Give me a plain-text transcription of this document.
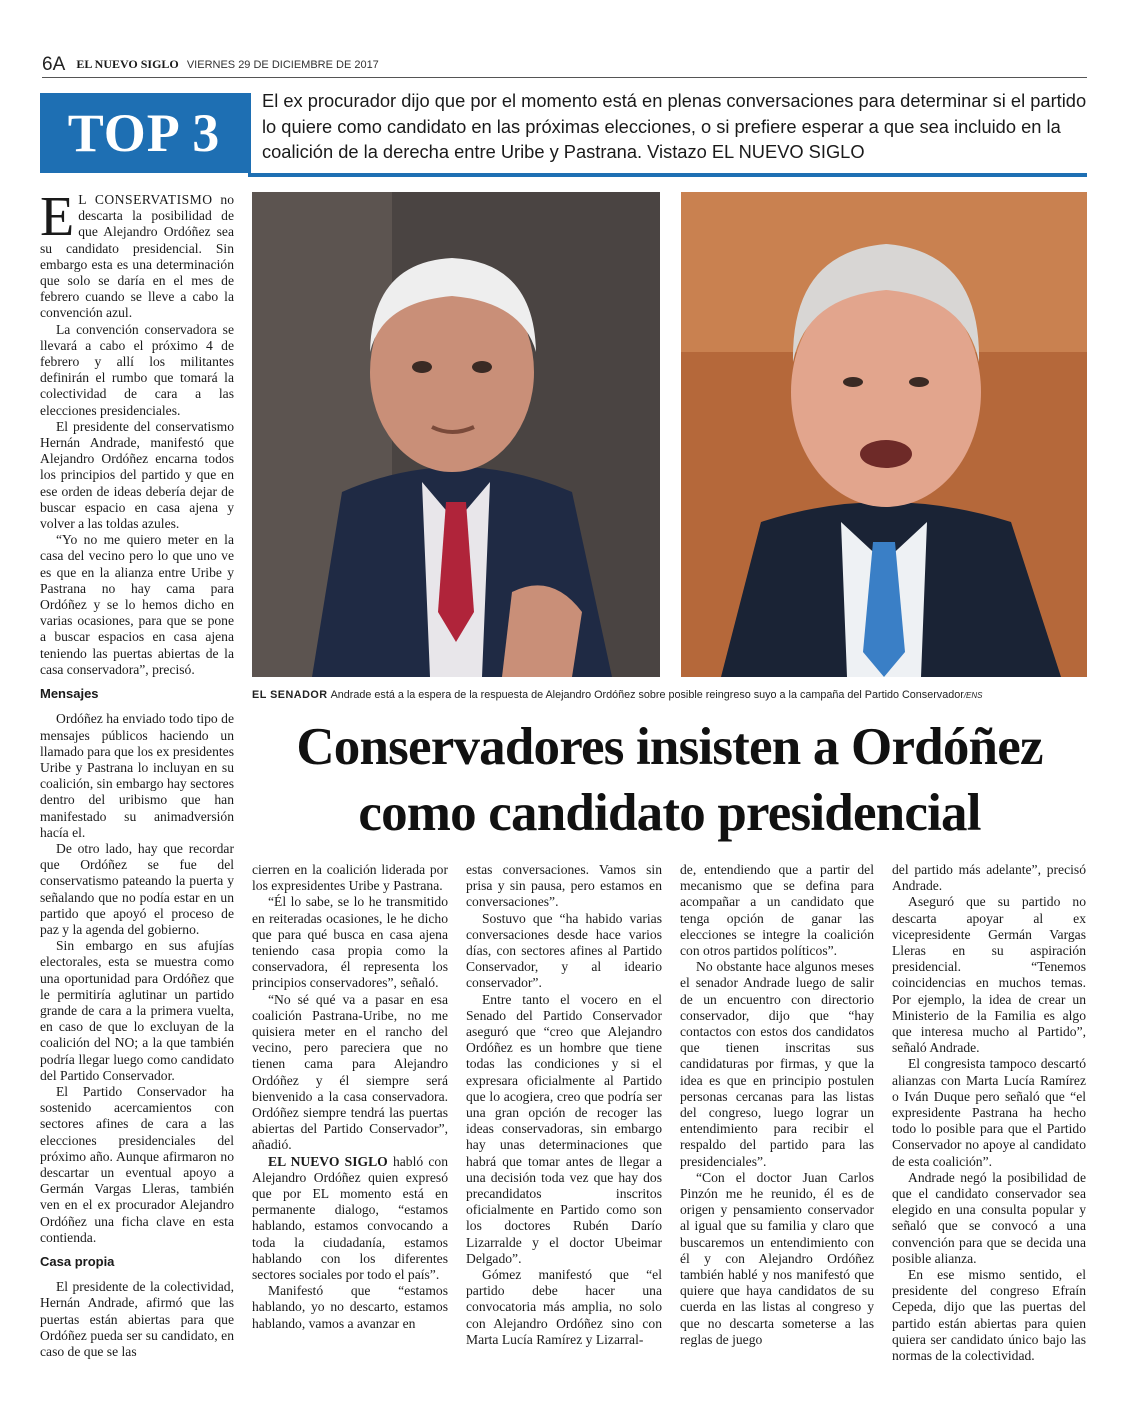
6A EL NUEVO SIGLO VIERNES 29 DE DICIEMBRE DE 2017
TOP 3
El ex procurador dijo que por el momento está en plenas conversaciones para determinar si el partido lo quiere como candidato en las próximas elecciones, o si prefiere esperar a que sea incluido en la coalición de la derecha entre Uribe y Pastrana. Vistazo EL NUEVO SIGLO

E L CONSERVATISMO no descarta la posibilidad de que Alejandro Ordóñez sea su candidato presidencial. Sin embargo esta es una determinación que solo se daría en el mes de febrero cuando se lleve a cabo la convención azul.

La convención conservadora se llevará a cabo el próximo 4 de febrero y allí los militantes definirán el rumbo que tomará la colectividad de cara a las elecciones presidenciales.

El presidente del conservatismo Hernán Andrade, manifestó que Alejandro Ordóñez encarna todos los principios del partido y que en ese orden de ideas debería dejar de buscar espacio en casa ajena y volver a las toldas azules.

“Yo no me quiero meter en la casa del vecino pero lo que uno ve es que en la alianza entre Uribe y Pastrana no hay cama para Ordóñez y se lo hemos dicho en varias ocasiones, para que se pone a buscar espacios en casa ajena teniendo las puertas abiertas de la casa conservadora”, precisó.

Mensajes

Ordóñez ha enviado todo tipo de mensajes públicos haciendo un llamado para que los ex presidentes Uribe y Pastrana lo incluyan en su coalición, sin embargo hay sectores dentro del uribismo que han manifestado su animadversión hacía el.

De otro lado, hay que recordar que Ordóñez se fue del conservatismo pateando la puerta y señalando que no podía estar en un partido que apoyó el proceso de paz y la agenda del gobierno.

Sin embargo en sus afujías electorales, esta se muestra como una oportunidad para Ordóñez que le permitiría aglutinar un partido grande de cara a la primera vuelta, en caso de que lo excluyan de la coalición del NO; a la que también podría llegar luego como candidato del Partido Conservador.

El Partido Conservador ha sostenido acercamientos con sectores afines de cara a las elecciones presidenciales del próximo año. Aunque afirmaron no descartar un eventual apoyo a Germán Vargas Lleras, también ven en el ex procurador Alejandro Ordóñez una ficha clave en esta contienda.

Casa propia

El presidente de la colectividad, Hernán Andrade, afirmó que las puertas están abiertas para que Ordóñez pueda ser su candidato, en caso de que se las

EL SENADOR Andrade está a la espera de la respuesta de Alejandro Ordóñez sobre posible reingreso suyo a la campaña del Partido Conservador/ENS
Conservadores insisten a Ordóñez
como candidato presidencial

cierren en la coalición liderada por los expresidentes Uribe y Pastrana.

“Él lo sabe, se lo he transmitido en reiteradas ocasiones, le he dicho que para qué busca en casa ajena teniendo casa propia como la conservadora, él representa los principios conservadores”, señaló.

“No sé qué va a pasar en esa coalición Pastrana-Uribe, no me quisiera meter en el rancho del vecino, pero pareciera que no tienen cama para Alejandro Ordóñez y él siempre será bienvenido a la casa conservadora. Ordóñez siempre tendrá las puertas abiertas del Partido Conservador”, añadió.

EL NUEVO SIGLO habló con Alejandro Ordóñez quien expresó que por EL momento está en permanente dialogo, “estamos hablando, estamos convocando a toda la ciudadanía, estamos hablando con los diferentes sectores sociales por todo el país”.

Manifestó que “estamos hablando, yo no descarto, estamos hablando, vamos a avanzar en

estas conversaciones. Vamos sin prisa y sin pausa, pero estamos en conversaciones”.

Sostuvo que “ha habido varias conversaciones desde hace varios días, con sectores afines al Partido Conservador, y al ideario conservador”.

Entre tanto el vocero en el Senado del Partido Conservador aseguró que “creo que Alejandro Ordóñez es un hombre que tiene todas las condiciones y si el expresara oficialmente al Partido que lo acogiera, creo que podría ser una gran opción de recoger las ideas conservadoras, sin embargo hay unas determinaciones que habrá que tomar antes de llegar a una decisión toda vez que hay dos precandidatos inscritos oficialmente en Partido como son los doctores Rubén Darío Lizarralde y el doctor Ubeimar Delgado”.

Gómez manifestó que “el partido debe hacer una convocatoria más amplia, no solo con Alejandro Ordóñez sino con Marta Lucía Ramírez y Lizarral-

de, entendiendo que a partir del mecanismo que se defina para acompañar a un candidato que tenga opción de ganar las elecciones se integre la coalición con otros partidos políticos”.

No obstante hace algunos meses el senador Andrade luego de salir de un encuentro con directorio conservador, dijo que “hay contactos con estos dos candidatos que tienen inscritas sus candidaturas por firmas, y que la idea es que en principio postulen personas cercanas para las listas del congreso, luego lograr un entendimiento para recibir el respaldo del partido para las presidenciales”.

“Con el doctor Juan Carlos Pinzón me he reunido, él es de origen y pensamiento conservador al igual que su familia y claro que buscaremos un entendimiento con él y con Alejandro Ordóñez también hablé y nos manifestó que quiere que haya candidatos de su cuerda en las listas al congreso y que no descarta someterse a las reglas de juego

del partido más adelante”, precisó Andrade.

Aseguró que su partido no descarta apoyar al ex vicepresidente Germán Vargas Lleras en su aspiración presidencial. “Tenemos coincidencias en muchos temas. Por ejemplo, la idea de crear un Ministerio de la Familia es algo que interesa mucho al Partido”, señaló Andrade.

El congresista tampoco descartó alianzas con Marta Lucía Ramírez o Iván Duque pero señaló que “el expresidente Pastrana ha hecho todo lo posible para que el Partido Conservador no apoye al candidato de esta coalición”.

Andrade negó la posibilidad de que el candidato conservador sea elegido en una consulta popular y señaló que se convocó a una convención para que se decida una posible alianza.

En ese mismo sentido, el presidente del congreso Efraín Cepeda, dijo que las puertas del partido están abiertas para quien quiera ser candidato único bajo las normas de la colectividad.
